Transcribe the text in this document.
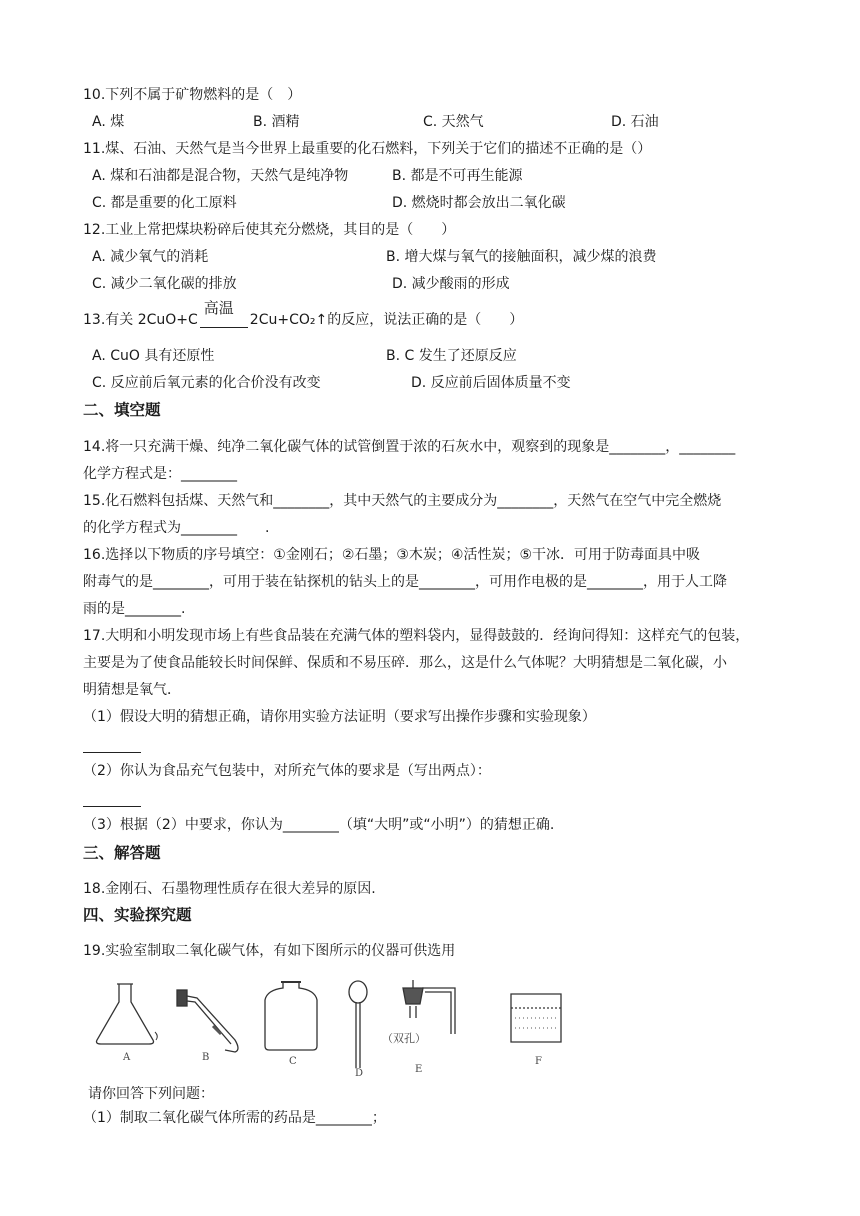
10.下列不属于矿物燃料的是（　）
A. 煤	B. 酒精	C. 天然气	D. 石油
11.煤、石油、天然气是当今世界上最重要的化石燃料，下列关于它们的描述不正确的是（）
A. 煤和石油都是混合物，天然气是纯净物	B. 都是不可再生能源
C. 都是重要的化工原料	D. 燃烧时都会放出二氧化碳
12.工业上常把煤块粉碎后使其充分燃烧，其目的是（　　）
A. 减少氧气的消耗	B. 增大煤与氧气的接触面积，减少煤的浪费
C. 减少二氧化碳的排放	D. 减少酸雨的形成
13.有关 2CuO+C
高温
2Cu+CO₂↑的反应，说法正确的是（　　）
A. CuO 具有还原性	B. C 发生了还原反应
C. 反应前后氧元素的化合价没有改变	D. 反应前后固体质量不变
二、填空题
14.将一只充满干燥、纯净二氧化碳气体的试管倒置于浓的石灰水中，观察到的现象是________，________
化学方程式是：________
15.化石燃料包括煤、天然气和________，其中天然气的主要成分为________，天然气在空气中完全燃烧
的化学方程式为________　　.
16.选择以下物质的序号填空：①金刚石；②石墨；③木炭；④活性炭；⑤干冰．可用于防毒面具中吸
附毒气的是________，可用于装在钻探机的钻头上的是________，可用作电极的是________，用于人工降
雨的是________.
17.大明和小明发现市场上有些食品装在充满气体的塑料袋内，显得鼓鼓的．经询问得知：这样充气的包装，
主要是为了使食品能较长时间保鲜、保质和不易压碎．那么，这是什么气体呢？大明猜想是二氧化碳，小
明猜想是氧气．
（1）假设大明的猜想正确，请你用实验方法证明（要求写出操作步骤和实验现象）
（2）你认为食品充气包装中，对所充气体的要求是（写出两点）：
（3）根据（2）中要求，你认为________（填“大明”或“小明”）的猜想正确.
三、解答题
18.金刚石、石墨物理性质存在很大差异的原因.
四、实验探究题
19.实验室制取二氧化碳气体，有如下图所示的仪器可供选用
A	B	C
D
（双孔）
E
F
请你回答下列问题：
（1）制取二氧化碳气体所需的药品是________；
